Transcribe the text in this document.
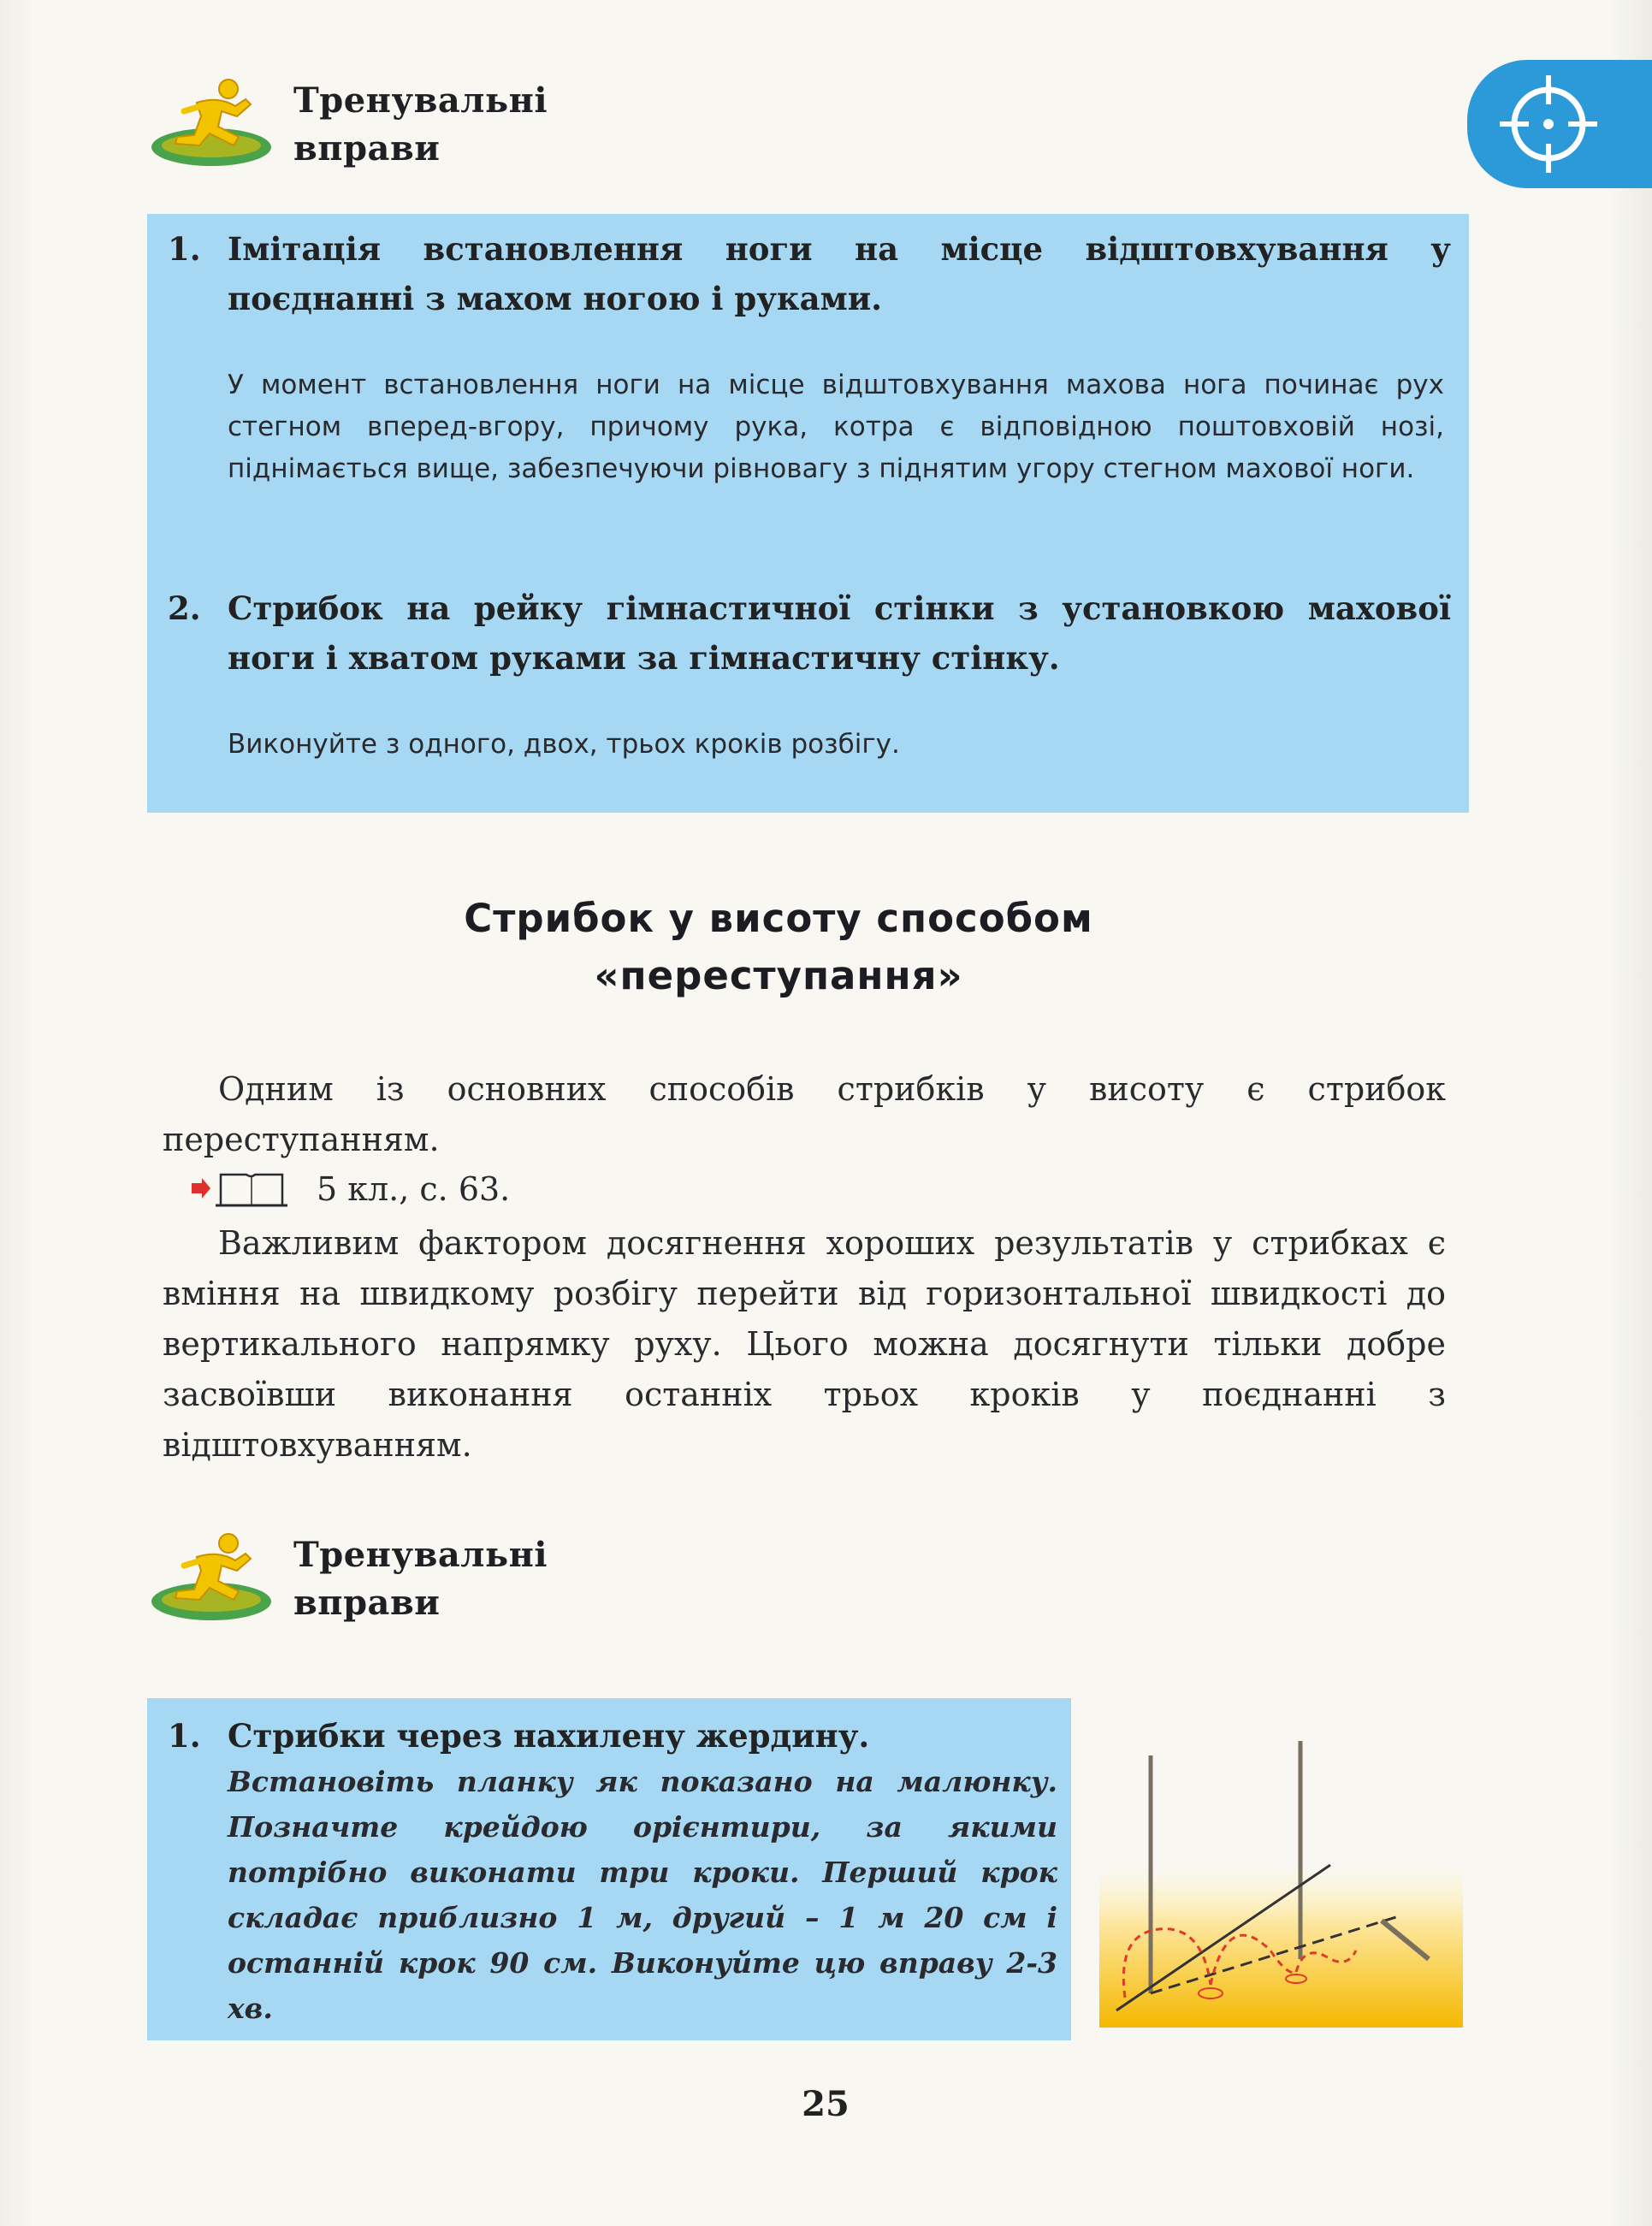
Тренувальні
вправи
1. Імітація встановлення ноги на місце відштовхування у поєднанні з махом ногою і руками.
У момент встановлення ноги на місце відштовхування махова нога починає рух стегном вперед-вгору, причому рука, котра є відповідною поштовховій нозі, піднімається вище, забезпечуючи рівновагу з піднятим угору стегном махової ноги.
2. Стрибок на рейку гімнастичної стінки з установкою махової ноги і хватом руками за гімнастичну стінку.
Виконуйте з одного, двох, трьох кроків розбігу.
Стрибок у висоту способом
«переступання»
Одним із основних способів стрибків у висоту є стрибок переступанням.
5 кл., с. 63.
Важливим фактором досягнення хороших результатів у стрибках є вміння на швидкому розбігу перейти від горизонтальної швидкості до вертикального напрямку руху. Цього можна досягнути тільки добре засвоївши виконання останніх трьох кроків у поєднанні з відштовхуванням.
Тренувальні
вправи
1. Стрибки через нахилену жердину.
Встановіть планку як показано на малюнку. Позначте крейдою орієнтири, за якими потрібно виконати три кроки. Перший крок складає приблизно 1 м, другий – 1 м 20 см і останній крок 90 см. Виконуйте цю вправу 2-3 хв.
25
